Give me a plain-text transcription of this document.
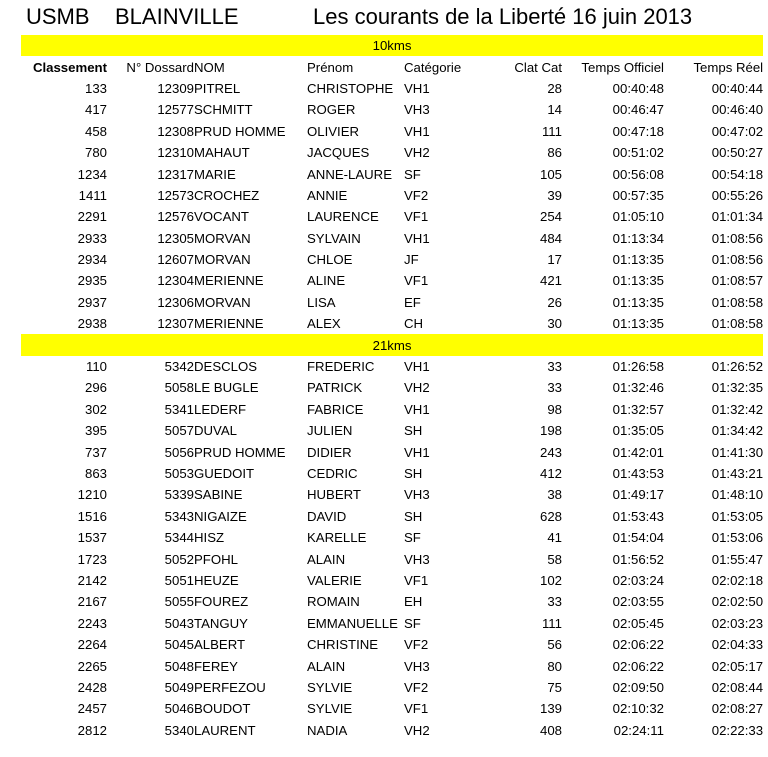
USMB BLAINVILLE	Les courants de la Liberté 16 juin 2013
10kms							
Classement	N° Dossard	NOM	Prénom	Catégorie	Clat Cat	Temps Officiel	Temps Réel
133	12309	PITREL	CHRISTOPHE	VH1	28	00:40:48	00:40:44
417	12577	SCHMITT	ROGER	VH3	14	00:46:47	00:46:40
458	12308	PRUD HOMME	OLIVIER	VH1	111	00:47:18	00:47:02
780	12310	MAHAUT	JACQUES	VH2	86	00:51:02	00:50:27
1234	12317	MARIE	ANNE-LAURE	SF	105	00:56:08	00:54:18
1411	12573	CROCHEZ	ANNIE	VF2	39	00:57:35	00:55:26
2291	12576	VOCANT	LAURENCE	VF1	254	01:05:10	01:01:34
2933	12305	MORVAN	SYLVAIN	VH1	484	01:13:34	01:08:56
2934	12607	MORVAN	CHLOE	JF	17	01:13:35	01:08:56
2935	12304	MERIENNE	ALINE	VF1	421	01:13:35	01:08:57
2937	12306	MORVAN	LISA	EF	26	01:13:35	01:08:58
2938	12307	MERIENNE	ALEX	CH	30	01:13:35	01:08:58
21kms							
110	5342	DESCLOS	FREDERIC	VH1	33	01:26:58	01:26:52
296	5058	LE BUGLE	PATRICK	VH2	33	01:32:46	01:32:35
302	5341	LEDERF	FABRICE	VH1	98	01:32:57	01:32:42
395	5057	DUVAL	JULIEN	SH	198	01:35:05	01:34:42
737	5056	PRUD HOMME	DIDIER	VH1	243	01:42:01	01:41:30
863	5053	GUEDOIT	CEDRIC	SH	412	01:43:53	01:43:21
1210	5339	SABINE	HUBERT	VH3	38	01:49:17	01:48:10
1516	5343	NIGAIZE	DAVID	SH	628	01:53:43	01:53:05
1537	5344	HISZ	KARELLE	SF	41	01:54:04	01:53:06
1723	5052	PFOHL	ALAIN	VH3	58	01:56:52	01:55:47
2142	5051	HEUZE	VALERIE	VF1	102	02:03:24	02:02:18
2167	5055	FOUREZ	ROMAIN	EH	33	02:03:55	02:02:50
2243	5043	TANGUY	EMMANUELLE	SF	111	02:05:45	02:03:23
2264	5045	ALBERT	CHRISTINE	VF2	56	02:06:22	02:04:33
2265	5048	FEREY	ALAIN	VH3	80	02:06:22	02:05:17
2428	5049	PERFEZOU	SYLVIE	VF2	75	02:09:50	02:08:44
2457	5046	BOUDOT	SYLVIE	VF1	139	02:10:32	02:08:27
2812	5340	LAURENT	NADIA	VH2	408	02:24:11	02:22:33
